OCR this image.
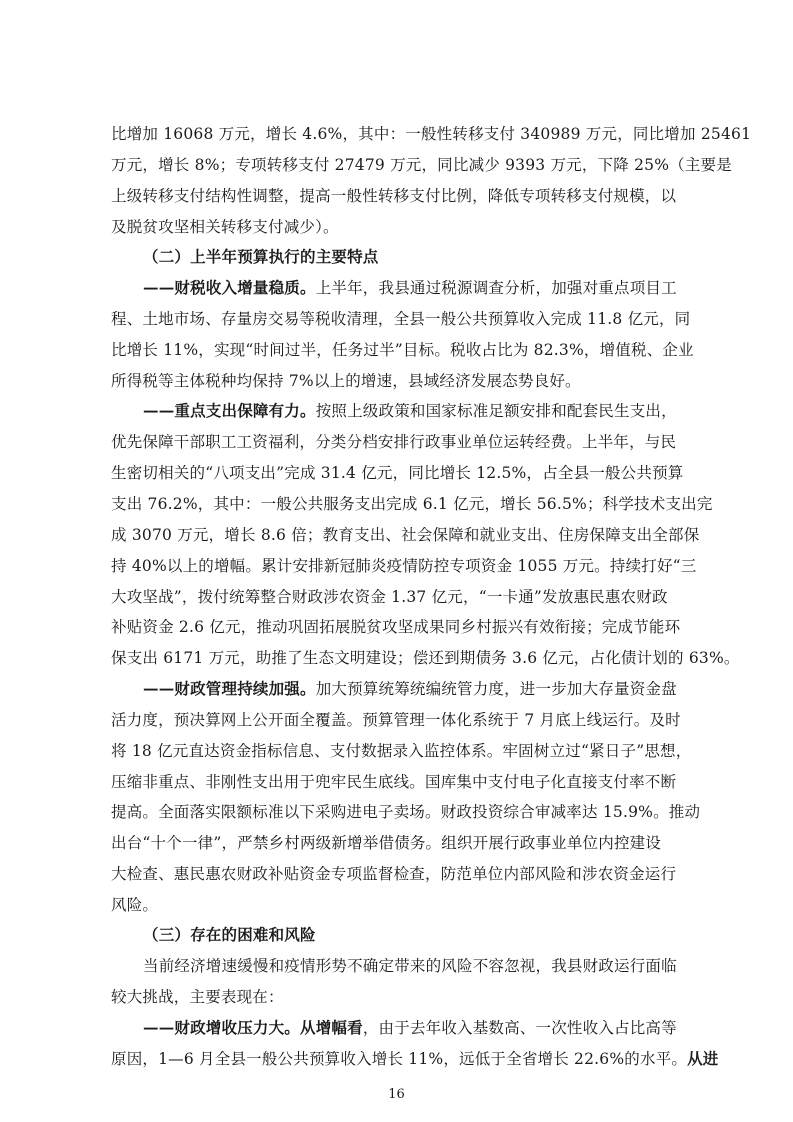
比增加 16068 万元，增长 4.6%，其中：一般性转移支付 340989 万元，同比增加 25461
万元，增长 8%；专项转移支付 27479 万元，同比减少 9393 万元，下降 25%（主要是
上级转移支付结构性调整，提高一般性转移支付比例，降低专项转移支付规模，以
及脱贫攻坚相关转移支付减少）。
（二）上半年预算执行的主要特点
——财税收入增量稳质。上半年，我县通过税源调查分析，加强对重点项目工
程、土地市场、存量房交易等税收清理，全县一般公共预算收入完成 11.8 亿元，同
比增长 11%，实现“时间过半，任务过半”目标。税收占比为 82.3%，增值税、企业
所得税等主体税种均保持 7%以上的增速，县域经济发展态势良好。
——重点支出保障有力。按照上级政策和国家标准足额安排和配套民生支出，
优先保障干部职工工资福利，分类分档安排行政事业单位运转经费。上半年，与民
生密切相关的“八项支出”完成 31.4 亿元，同比增长 12.5%，占全县一般公共预算
支出 76.2%，其中：一般公共服务支出完成 6.1 亿元，增长 56.5%；科学技术支出完
成 3070 万元，增长 8.6 倍；教育支出、社会保障和就业支出、住房保障支出全部保
持 40%以上的增幅。累计安排新冠肺炎疫情防控专项资金 1055 万元。持续打好“三
大攻坚战”，拨付统筹整合财政涉农资金 1.37 亿元，“一卡通”发放惠民惠农财政
补贴资金 2.6 亿元，推动巩固拓展脱贫攻坚成果同乡村振兴有效衔接；完成节能环
保支出 6171 万元，助推了生态文明建设；偿还到期债务 3.6 亿元，占化债计划的 63%。
——财政管理持续加强。加大预算统筹统编统管力度，进一步加大存量资金盘
活力度，预决算网上公开面全覆盖。预算管理一体化系统于 7 月底上线运行。及时
将 18 亿元直达资金指标信息、支付数据录入监控体系。牢固树立过“紧日子”思想，
压缩非重点、非刚性支出用于兜牢民生底线。国库集中支付电子化直接支付率不断
提高。全面落实限额标准以下采购进电子卖场。财政投资综合审减率达 15.9%。推动
出台“十个一律”，严禁乡村两级新增举借债务。组织开展行政事业单位内控建设
大检查、惠民惠农财政补贴资金专项监督检查，防范单位内部风险和涉农资金运行
风险。
（三）存在的困难和风险
当前经济增速缓慢和疫情形势不确定带来的风险不容忽视，我县财政运行面临
较大挑战，主要表现在：
——财政增收压力大。从增幅看，由于去年收入基数高、一次性收入占比高等
原因，1—6 月全县一般公共预算收入增长 11%，远低于全省增长 22.6%的水平。从进
16
